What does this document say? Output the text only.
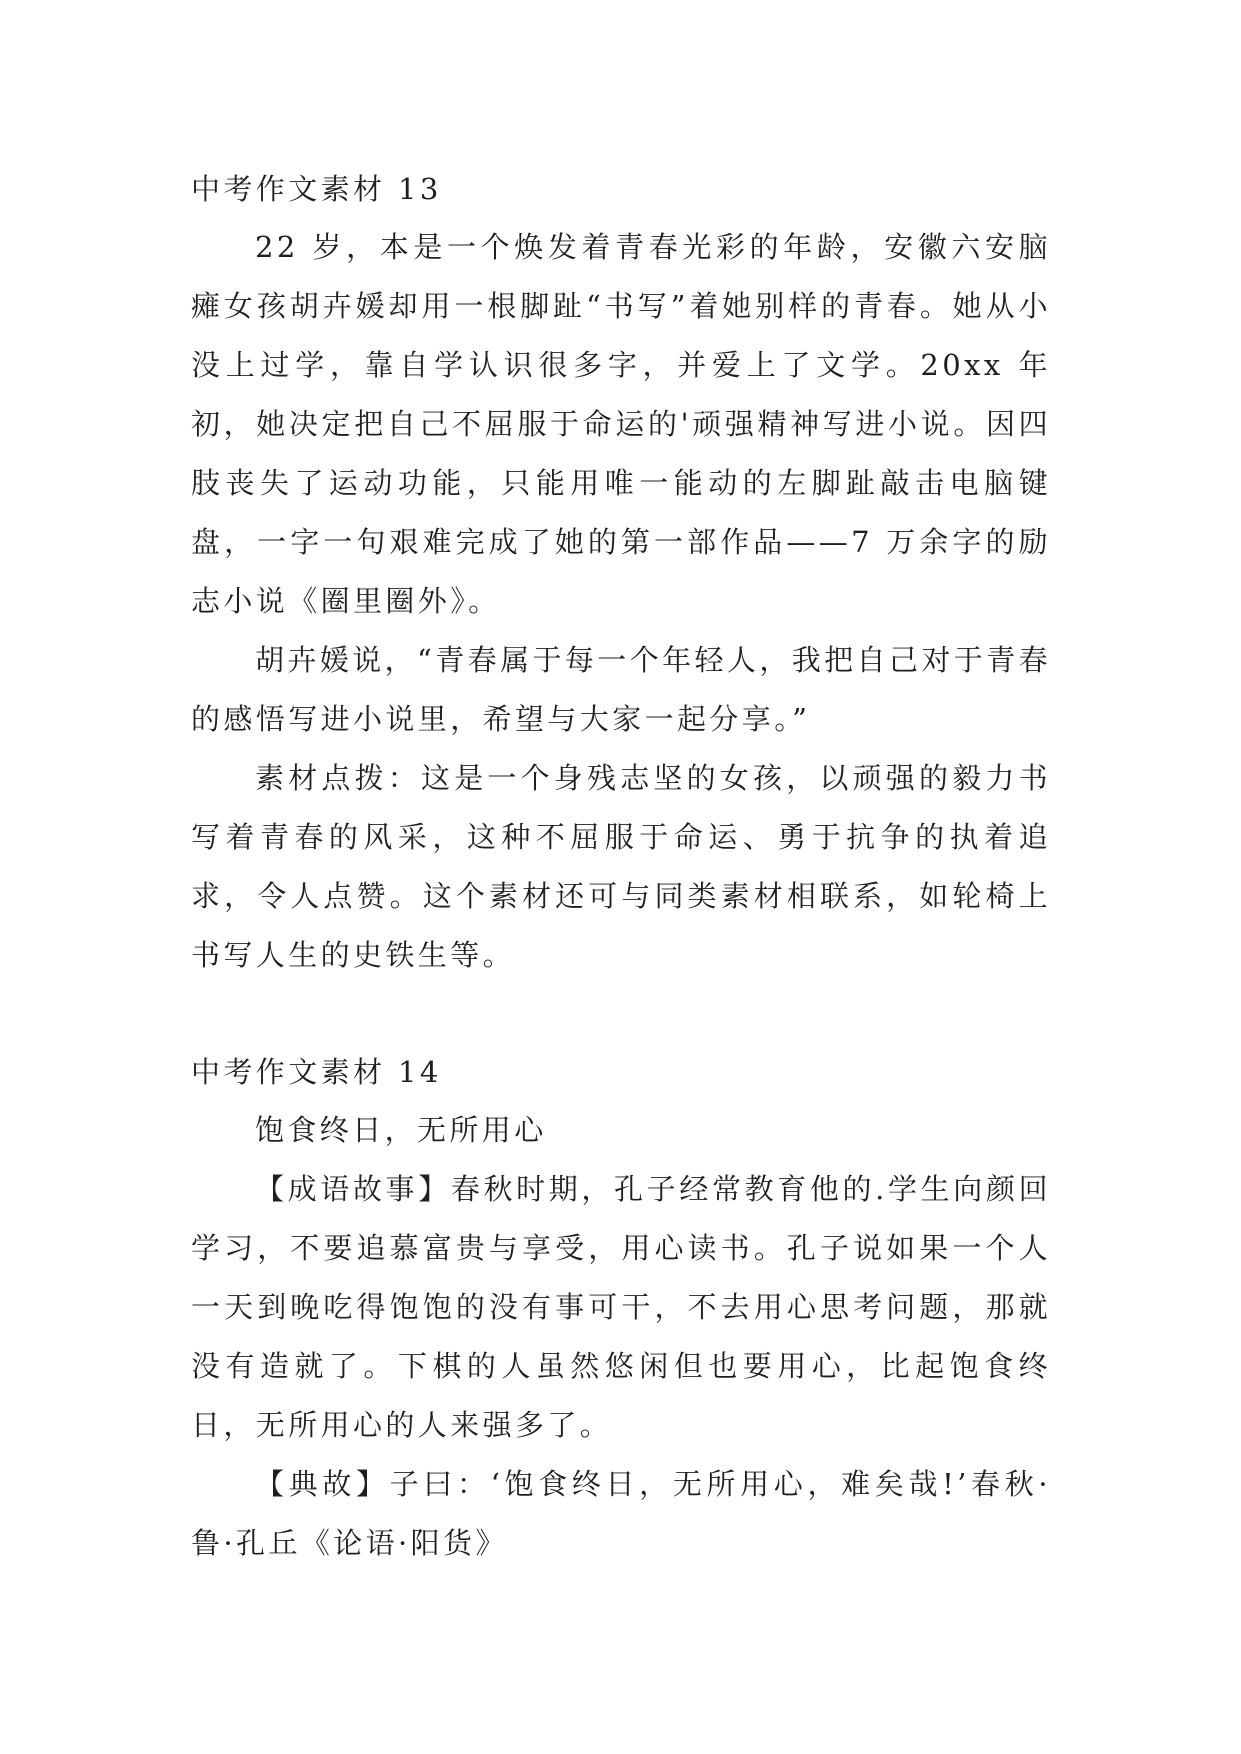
中考作文素材 13

22 岁，本是一个焕发着青春光彩的年龄，安徽六安脑瘫女孩胡卉媛却用一根脚趾“书写”着她别样的青春。她从小没上过学，靠自学认识很多字，并爱上了文学。20xx 年初，她决定把自己不屈服于命运的'顽强精神写进小说。因四肢丧失了运动功能，只能用唯一能动的左脚趾敲击电脑键盘，一字一句艰难完成了她的第一部作品——7 万余字的励志小说《圈里圈外》。

胡卉媛说，“青春属于每一个年轻人，我把自己对于青春的感悟写进小说里，希望与大家一起分享。”

素材点拨：这是一个身残志坚的女孩，以顽强的毅力书写着青春的风采，这种不屈服于命运、勇于抗争的执着追求，令人点赞。这个素材还可与同类素材相联系，如轮椅上书写人生的史铁生等。

中考作文素材 14

饱食终日，无所用心

【成语故事】春秋时期，孔子经常教育他的.学生向颜回学习，不要追慕富贵与享受，用心读书。孔子说如果一个人一天到晚吃得饱饱的没有事可干，不去用心思考问题，那就没有造就了。下棋的人虽然悠闲但也要用心，比起饱食终日，无所用心的人来强多了。

【典故】子曰：‘饱食终日，无所用心，难矣哉!’春秋·鲁·孔丘《论语·阳货》
